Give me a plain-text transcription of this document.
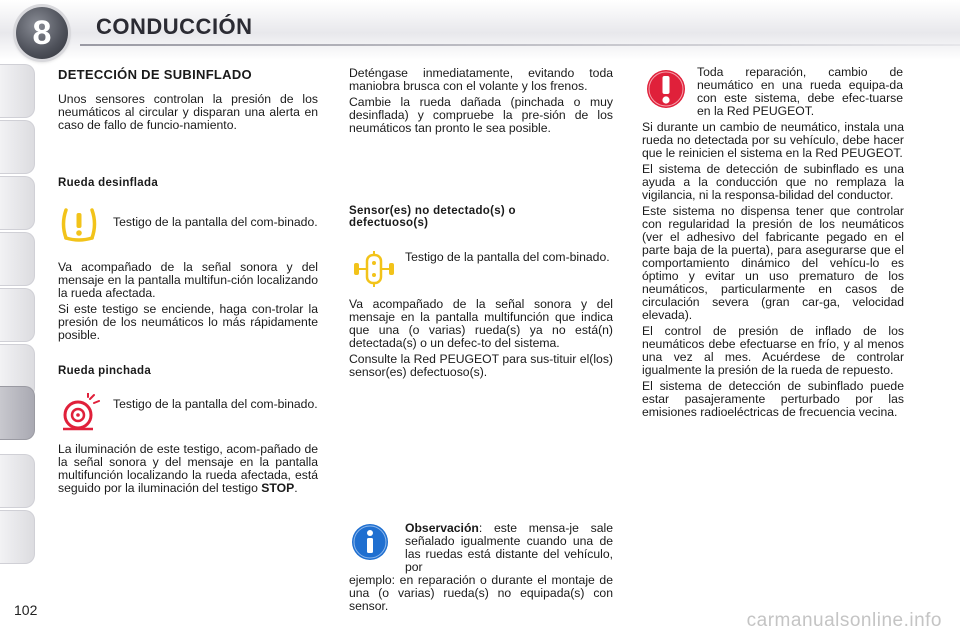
8	CONDUCCIÓN
DETECCIÓN DE SUBINFLADO

Unos sensores controlan la presión de los neumáticos al circular y disparan una alerta en caso de fallo de funcio-namiento.

Rueda desinflada
Testigo de la pantalla del com-binado.

Va acompañado de la señal sonora y del mensaje en la pantalla multifun-ción localizando la rueda afectada.

Si este testigo se enciende, haga con-trolar la presión de los neumáticos lo más rápidamente posible.

Rueda pinchada
Testigo de la pantalla del com-binado.

La iluminación de este testigo, acom-pañado de la señal sonora y del mensaje en la pantalla multifunción localizando la rueda afectada, está seguido por la iluminación del testigo STOP.

Deténgase inmediatamente, evitando toda maniobra brusca con el volante y los frenos.

Cambie la rueda dañada (pinchada o muy desinflada) y compruebe la pre-sión de los neumáticos tan pronto le sea posible.

Sensor(es) no detectado(s) o defectuoso(s)
Testigo de la pantalla del com-binado.

Va acompañado de la señal sonora y del mensaje en la pantalla multifunción que indica que una (o varias) rueda(s) ya no está(n) detectada(s) o un defec-to del sistema.

Consulte la Red PEUGEOT para sus-tituir el(los) sensor(es) defectuoso(s).

Observación: este mensa-je sale señalado igualmente cuando una de las ruedas está distante del vehículo, por

ejemplo: en reparación o durante el montaje de una (o varias) rueda(s) no equipada(s) con sensor.

Toda reparación, cambio de neumático en una rueda equipa-da con este sistema, debe efec-tuarse en la Red PEUGEOT.

Si durante un cambio de neumático, instala una rueda no detectada por su vehículo, debe hacer que le reinicien el sistema en la Red PEUGEOT.

El sistema de detección de subinflado es una ayuda a la conducción que no remplaza la vigilancia, ni la responsa-bilidad del conductor.

Este sistema no dispensa tener que controlar con regularidad la presión de los neumáticos (ver el adhesivo del fabricante pegado en el parte baja de la puerta), para asegurarse que el comportamiento dinámico del vehícu-lo es óptimo y evitar un uso prematuro de los neumáticos, particularmente en casos de circulación severa (gran car-ga, velocidad elevada).

El control de presión de inflado de los neumáticos debe efectuarse en frío, y al menos una vez al mes. Acuérdese de controlar igualmente la presión de la rueda de repuesto.

El sistema de detección de subinflado puede estar pasajeramente perturbado por las emisiones radioeléctricas de frecuencia vecina.

102	carmanualsonline.info
